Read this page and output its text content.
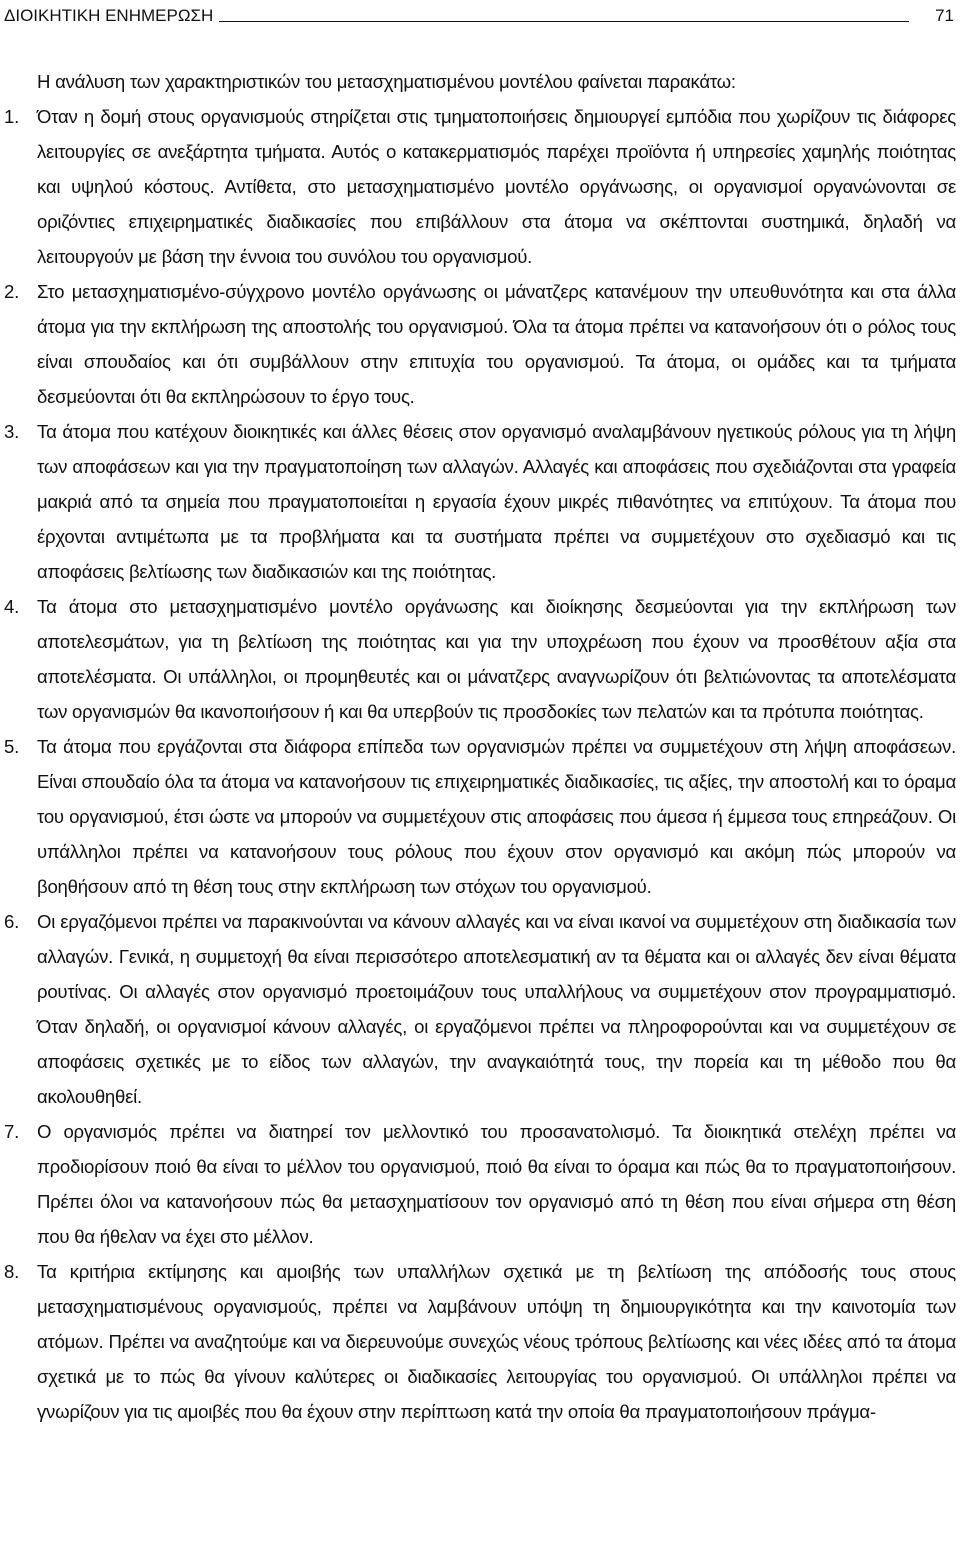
ΔΙΟΙΚΗΤΙΚΗ ΕΝΗΜΕΡΩΣΗ	71

Η ανάλυση των χαρακτηριστικών του μετασχηματισμένου μοντέλου φαίνεται παρακάτω:

1. Όταν η δομή στους οργανισμούς στηρίζεται στις τμηματοποιήσεις δημιουργεί εμπόδια που χωρίζουν τις διάφορες λειτουργίες σε ανεξάρτητα τμήματα. Αυτός ο κατακερματισμός παρέχει προϊόντα ή υπηρεσίες χαμηλής ποιότητας και υψηλού κόστους. Αντίθετα, στο μετασχηματισμένο μοντέλο οργάνωσης, οι οργανισμοί οργανώνονται σε οριζόντιες επιχειρηματικές διαδικασίες που επιβάλλουν στα άτομα να σκέπτονται συστημικά, δηλαδή να λειτουργούν με βάση την έννοια του συνόλου του οργανισμού.
2. Στο μετασχηματισμένο-σύγχρονο μοντέλο οργάνωσης οι μάνατζερς κατανέμουν την υπευθυνότητα και στα άλλα άτομα για την εκπλήρωση της αποστολής του οργανισμού. Όλα τα άτομα πρέπει να κατανοήσουν ότι ο ρόλος τους είναι σπουδαίος και ότι συμβάλλουν στην επιτυχία του οργανισμού. Τα άτομα, οι ομάδες και τα τμήματα δεσμεύονται ότι θα εκπληρώσουν το έργο τους.
3. Τα άτομα που κατέχουν διοικητικές και άλλες θέσεις στον οργανισμό αναλαμβάνουν ηγετικούς ρόλους για τη λήψη των αποφάσεων και για την πραγματοποίηση των αλλαγών. Αλλαγές και αποφάσεις που σχεδιάζονται στα γραφεία μακριά από τα σημεία που πραγματοποιείται η εργασία έχουν μικρές πιθανότητες να επιτύχουν. Τα άτομα που έρχονται αντιμέτωπα με τα προβλήματα και τα συστήματα πρέπει να συμμετέχουν στο σχεδιασμό και τις αποφάσεις βελτίωσης των διαδικασιών και της ποιότητας.
4. Τα άτομα στο μετασχηματισμένο μοντέλο οργάνωσης και διοίκησης δεσμεύονται για την εκπλήρωση των αποτελεσμάτων, για τη βελτίωση της ποιότητας και για την υποχρέωση που έχουν να προσθέτουν αξία στα αποτελέσματα. Οι υπάλληλοι, οι προμηθευτές και οι μάνατζερς αναγνωρίζουν ότι βελτιώνοντας τα αποτελέσματα των οργανισμών θα ικανοποιήσουν ή και θα υπερβούν τις προσδοκίες των πελατών και τα πρότυπα ποιότητας.
5. Τα άτομα που εργάζονται στα διάφορα επίπεδα των οργανισμών πρέπει να συμμετέχουν στη λήψη αποφάσεων. Είναι σπουδαίο όλα τα άτομα να κατανοήσουν τις επιχειρηματικές διαδικασίες, τις αξίες, την αποστολή και το όραμα του οργανισμού, έτσι ώστε να μπορούν να συμμετέχουν στις αποφάσεις που άμεσα ή έμμεσα τους επηρεάζουν. Οι υπάλληλοι πρέπει να κατανοήσουν τους ρόλους που έχουν στον οργανισμό και ακόμη πώς μπορούν να βοηθήσουν από τη θέση τους στην εκπλήρωση των στόχων του οργανισμού.
6. Οι εργαζόμενοι πρέπει να παρακινούνται να κάνουν αλλαγές και να είναι ικανοί να συμμετέχουν στη διαδικασία των αλλαγών. Γενικά, η συμμετοχή θα είναι περισσότερο αποτελεσματική αν τα θέματα και οι αλλαγές δεν είναι θέματα ρουτίνας. Οι αλλαγές στον οργανισμό προετοιμάζουν τους υπαλλήλους να συμμετέχουν στον προγραμματισμό. Όταν δηλαδή, οι οργανισμοί κάνουν αλλαγές, οι εργαζόμενοι πρέπει να πληροφορούνται και να συμμετέχουν σε αποφάσεις σχετικές με το είδος των αλλαγών, την αναγκαιότητά τους, την πορεία και τη μέθοδο που θα ακολουθηθεί.
7. Ο οργανισμός πρέπει να διατηρεί τον μελλοντικό του προσανατολισμό. Τα διοικητικά στελέχη πρέπει να προδιορίσουν ποιό θα είναι το μέλλον του οργανισμού, ποιό θα είναι το όραμα και πώς θα το πραγματοποιήσουν. Πρέπει όλοι να κατανοήσουν πώς θα μετασχηματίσουν τον οργανισμό από τη θέση που είναι σήμερα στη θέση που θα ήθελαν να έχει στο μέλλον.
8. Τα κριτήρια εκτίμησης και αμοιβής των υπαλλήλων σχετικά με τη βελτίωση της απόδοσής τους στους μετασχηματισμένους οργανισμούς, πρέπει να λαμβάνουν υπόψη τη δημιουργικότητα και την καινοτομία των ατόμων. Πρέπει να αναζητούμε και να διερευνούμε συνεχώς νέους τρόπους βελτίωσης και νέες ιδέες από τα άτομα σχετικά με το πώς θα γίνουν καλύτερες οι διαδικασίες λειτουργίας του οργανισμού. Οι υπάλληλοι πρέπει να γνωρίζουν για τις αμοιβές που θα έχουν στην περίπτωση κατά την οποία θα πραγματοποιήσουν πράγμα-
